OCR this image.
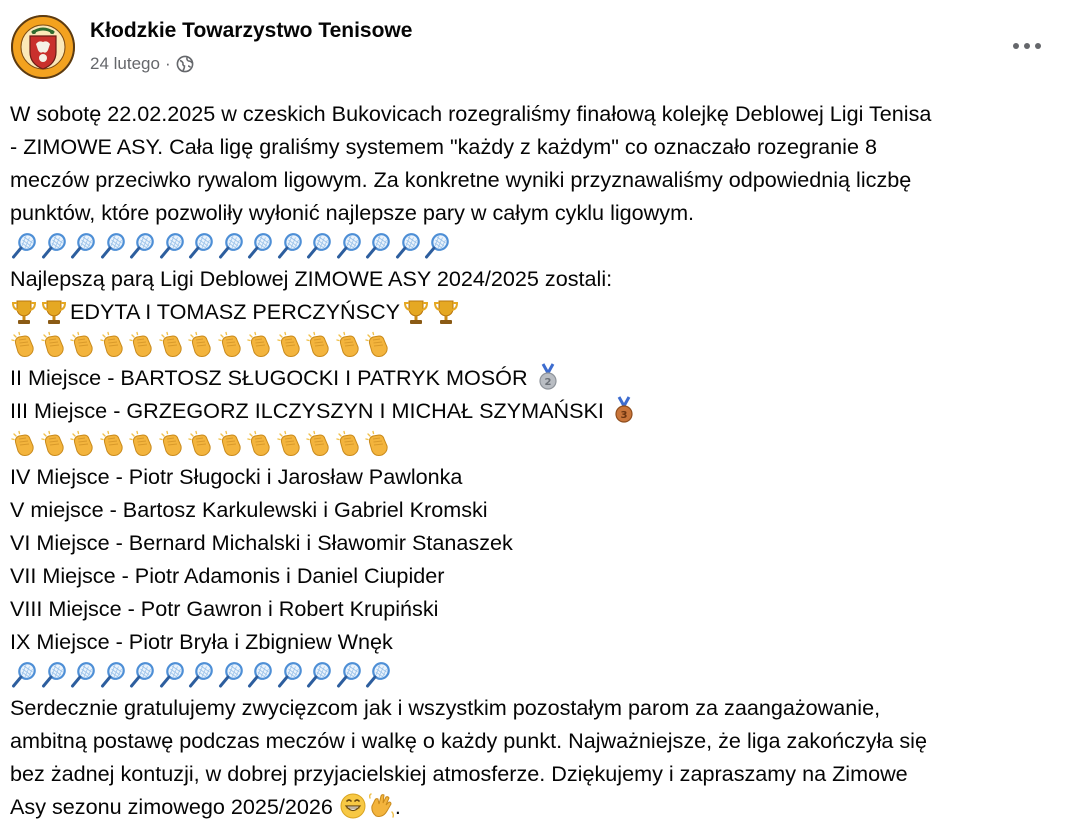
Kłodzkie Towarzystwo Tenisowe
24 lutego ·
W sobotę 22.02.2025 w czeskich Bukovicach rozegraliśmy finałową kolejkę Deblowej Ligi Tenisa
- ZIMOWE ASY. Cała ligę graliśmy systemem "każdy z każdym" co oznaczało rozegranie 8
meczów przeciwko rywalom ligowym. Za konkretne wyniki przyznawaliśmy odpowiednią liczbę
punktów, które pozwoliły wyłonić najlepsze pary w całym cyklu ligowym.
Najlepszą parą Ligi Deblowej ZIMOWE ASY 2024/2025 zostali:
EDYTA I TOMASZ PERCZYŃSCY
II Miejsce - BARTOSZ SŁUGOCKI I PATRYK MOSÓR 2
III Miejsce - GRZEGORZ ILCZYSZYN I MICHAŁ SZYMAŃSKI 3
IV Miejsce - Piotr Sługocki i Jarosław Pawlonka
V miejsce - Bartosz Karkulewski i Gabriel Kromski
VI Miejsce - Bernard Michalski i Sławomir Stanaszek
VII Miejsce - Piotr Adamonis i Daniel Ciupider
VIII Miejsce - Potr Gawron i Robert Krupiński
IX Miejsce - Piotr Bryła i Zbigniew Wnęk
Serdecznie gratulujemy zwycięzcom jak i wszystkim pozostałym parom za zaangażowanie,
ambitną postawę podczas meczów i walkę o każdy punkt. Najważniejsze, że liga zakończyła się
bez żadnej kontuzji, w dobrej przyjacielskiej atmosferze. Dziękujemy i zapraszamy na Zimowe
Asy sezonu zimowego 2025/2026	.
